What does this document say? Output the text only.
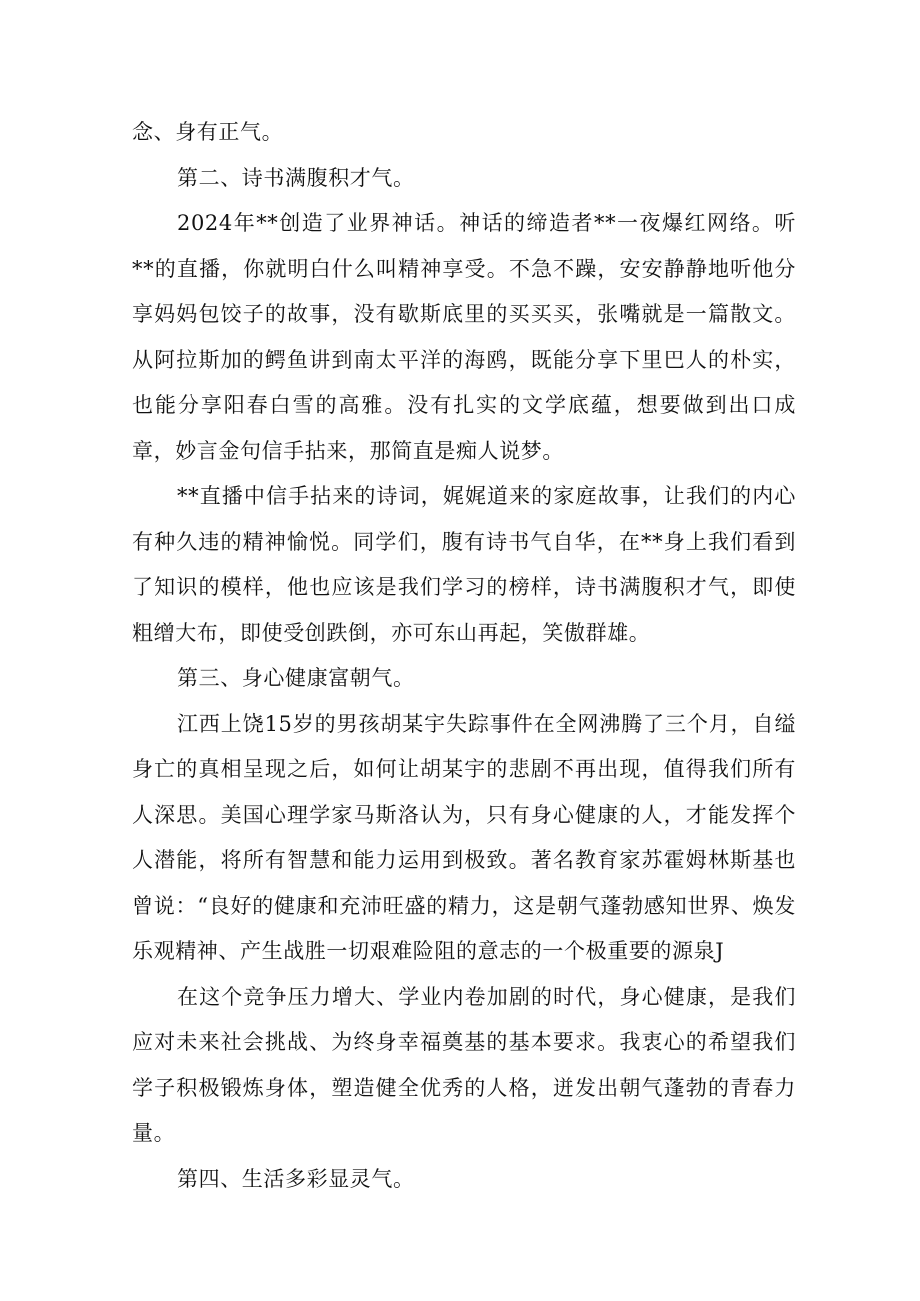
念、身有正气。

第二、诗书满腹积才气。

2024年**创造了业界神话。神话的缔造者**一夜爆红网络。听**的直播，你就明白什么叫精神享受。不急不躁，安安静静地听他分享妈妈包饺子的故事，没有歇斯底里的买买买，张嘴就是一篇散文。从阿拉斯加的鳄鱼讲到南太平洋的海鸥，既能分享下里巴人的朴实，也能分享阳春白雪的高雅。没有扎实的文学底蕴，想要做到出口成章，妙言金句信手拈来，那简直是痴人说梦。

**直播中信手拈来的诗词，娓娓道来的家庭故事，让我们的内心有种久违的精神愉悦。同学们，腹有诗书气自华，在**身上我们看到了知识的模样，他也应该是我们学习的榜样，诗书满腹积才气，即使粗缯大布，即使受创跌倒，亦可东山再起，笑傲群雄。

第三、身心健康富朝气。

江西上饶15岁的男孩胡某宇失踪事件在全网沸腾了三个月，自缢身亡的真相呈现之后，如何让胡某宇的悲剧不再出现，值得我们所有人深思。美国心理学家马斯洛认为，只有身心健康的人，才能发挥个人潜能，将所有智慧和能力运用到极致。著名教育家苏霍姆林斯基也曾说：“良好的健康和充沛旺盛的精力，这是朝气蓬勃感知世界、焕发乐观精神、产生战胜一切艰难险阻的意志的一个极重要的源泉J

在这个竞争压力增大、学业内卷加剧的时代，身心健康，是我们应对未来社会挑战、为终身幸福奠基的基本要求。我衷心的希望我们学子积极锻炼身体，塑造健全优秀的人格，迸发出朝气蓬勃的青春力量。

第四、生活多彩显灵气。
